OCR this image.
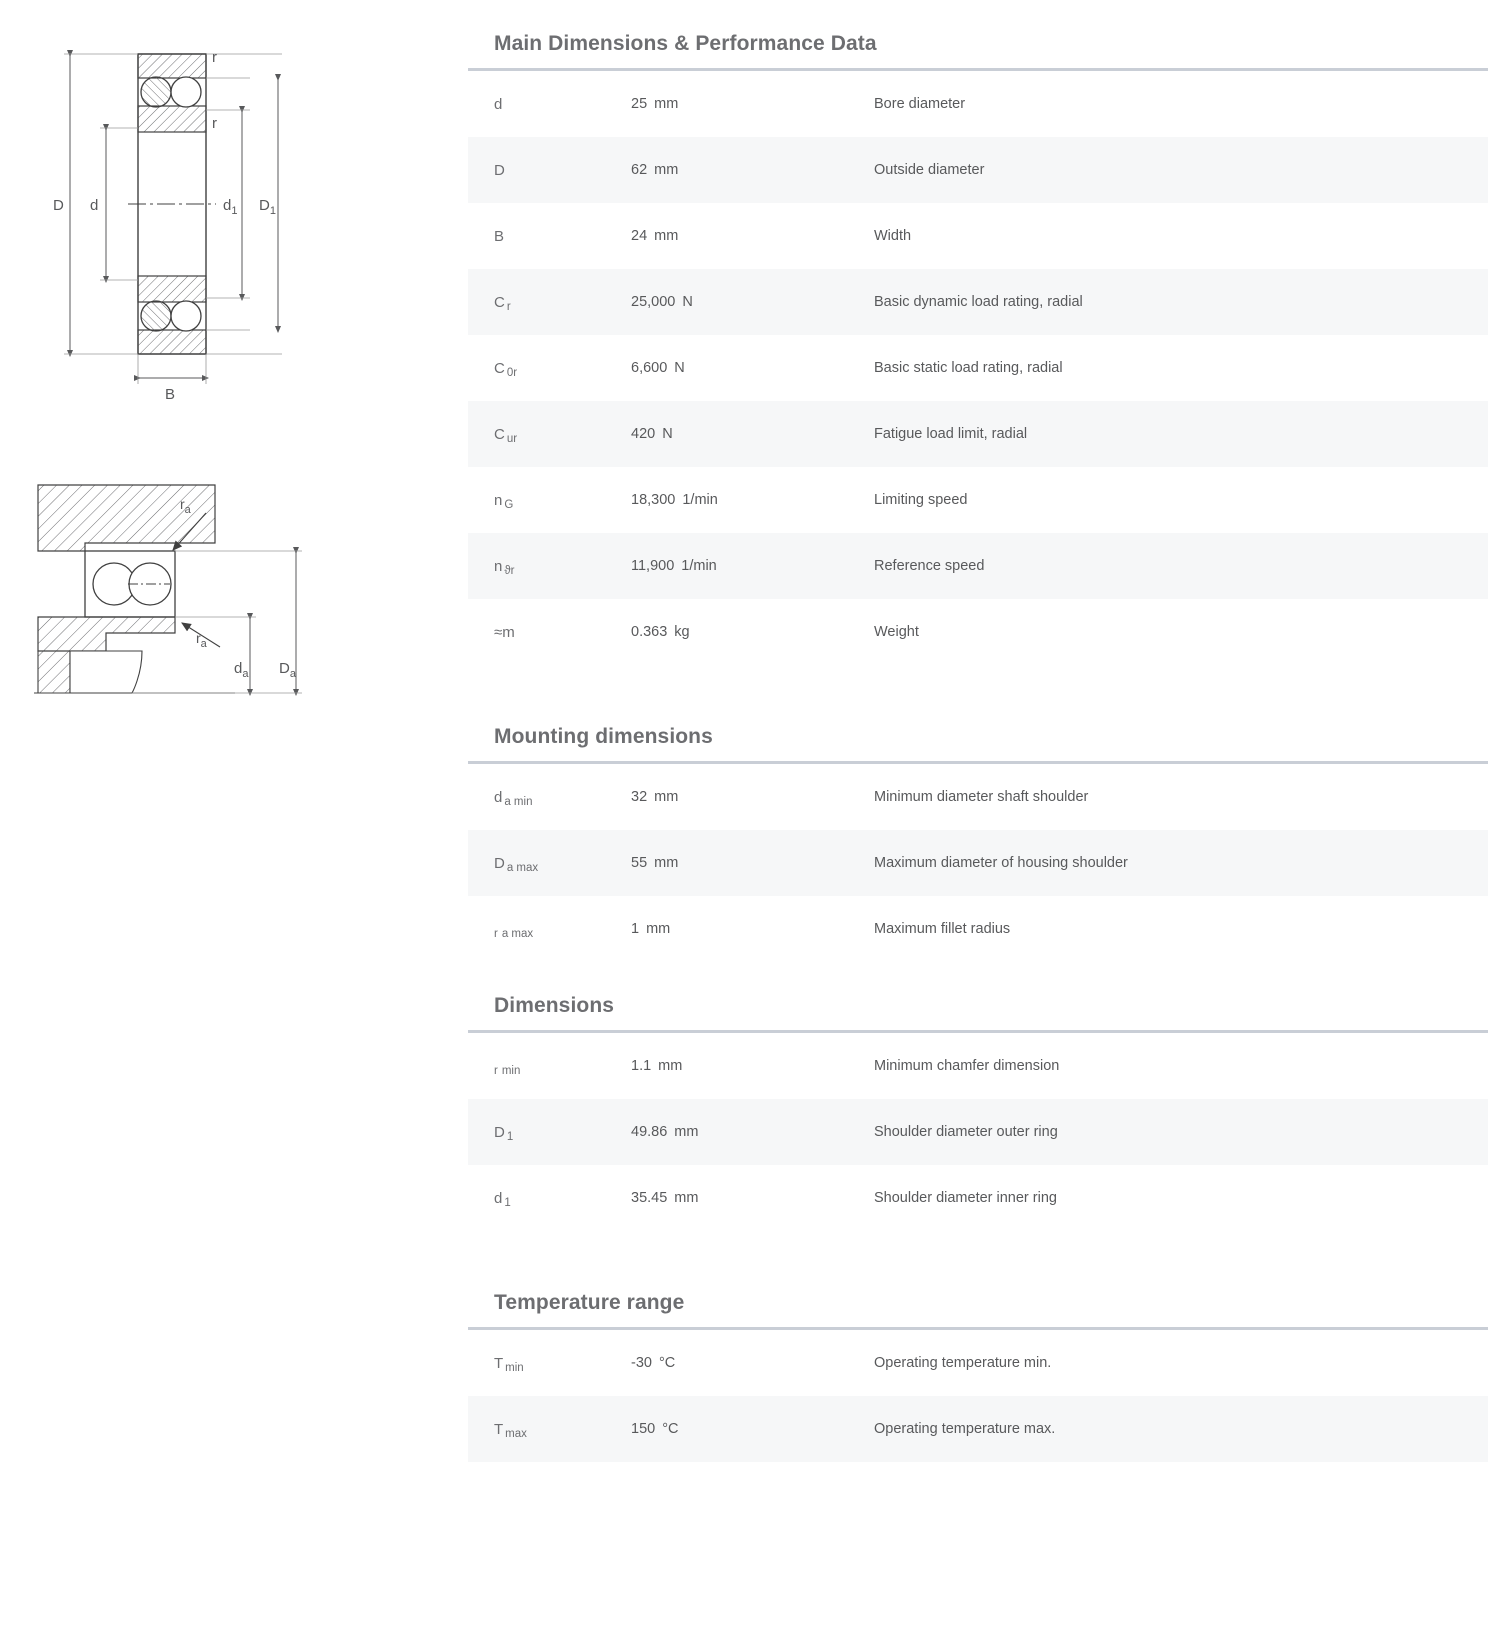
D d	$d_1$ $D_1$
r
r
B
$r_a$
$r_a$
$d_a$ $D_a$
Main Dimensions & Performance Data
d	25 mm	Bore diameter
D	62 mm	Outside diameter
B	24 mm	Width
C $_r$	25,000 N	Basic dynamic load rating, radial
C $_{0r}$	6,600 N	Basic static load rating, radial
C $_{ur}$	420 N	Fatigue load limit, radial
n $_G$	18,300 1/min	Limiting speed
n $_{ϑr}$	11,900 1/min	Reference speed
≈m	0.363 kg	Weight
Mounting dimensions
d $_{a min}$	32 mm	Minimum diameter shaft shoulder
D $_{a max}$	55 mm	Maximum diameter of housing shoulder
$_r$ $_{a max}$	1 mm	Maximum fillet radius
Dimensions
$_r$ $_{min}$	1.1 mm	Minimum chamfer dimension
D $_1$	49.86 mm	Shoulder diameter outer ring
d $_1$	35.45 mm	Shoulder diameter inner ring
Temperature range
T $_{min}$	-30 °C	Operating temperature min.
T $_{max}$	150 °C	Operating temperature max.
